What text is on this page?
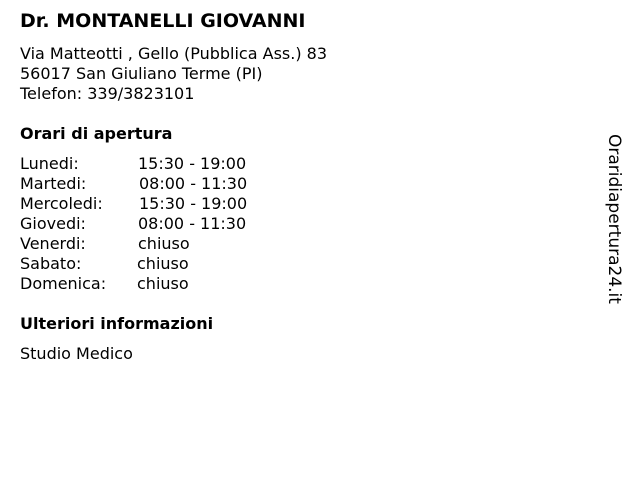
Dr. MONTANELLI GIOVANNI
Via Matteotti , Gello (Pubblica Ass.) 83
56017 San Giuliano Terme (PI)
Telefon: 339/3823101
Orari di apertura
Lunedi:	15:30 - 19:00
Martedi:	08:00 - 11:30
Mercoledi: 15:30 - 19:00
Giovedi:	08:00 - 11:30
Venerdi:	chiuso
Sabato:	chiuso
Domenica: chiuso
Ulteriori informazioni
Studio Medico
Oraridiapertura24.it
